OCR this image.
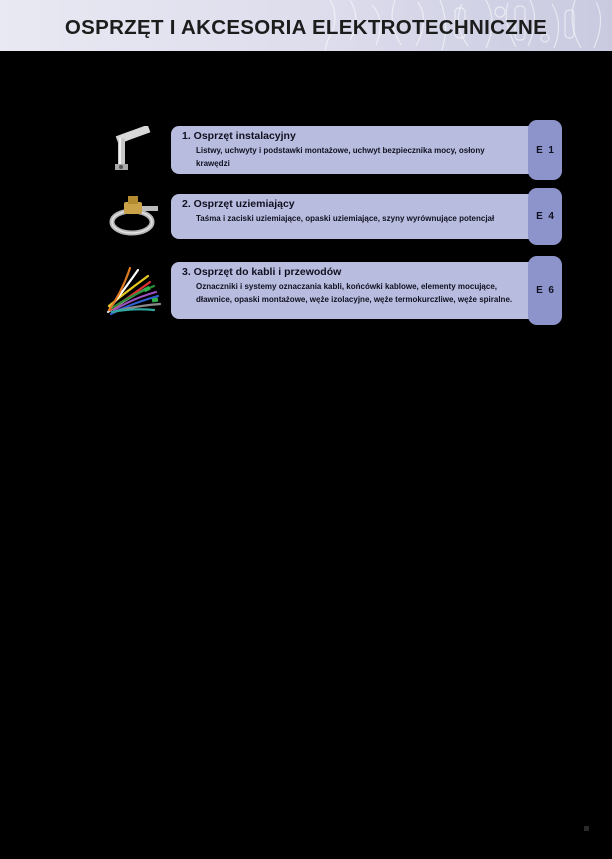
OSPRZĘT I AKCESORIA ELEKTROTECHNICZNE
E  1
1. Osprzęt instalacyjny
Listwy, uchwyty i podstawki montażowe, uchwyt bezpiecznika mocy, osłony krawędzi
E  4
2. Osprzęt uziemiający
Taśma i zaciski uziemiające, opaski uziemiające, szyny wyrównujące potencjał
E  6
3. Osprzęt do kabli i przewodów
Oznaczniki i systemy oznaczania kabli, końcówki kablowe, elementy mocujące, dławnice, opaski montażowe, węże izolacyjne, węże termokurczliwe, węże spiralne.
